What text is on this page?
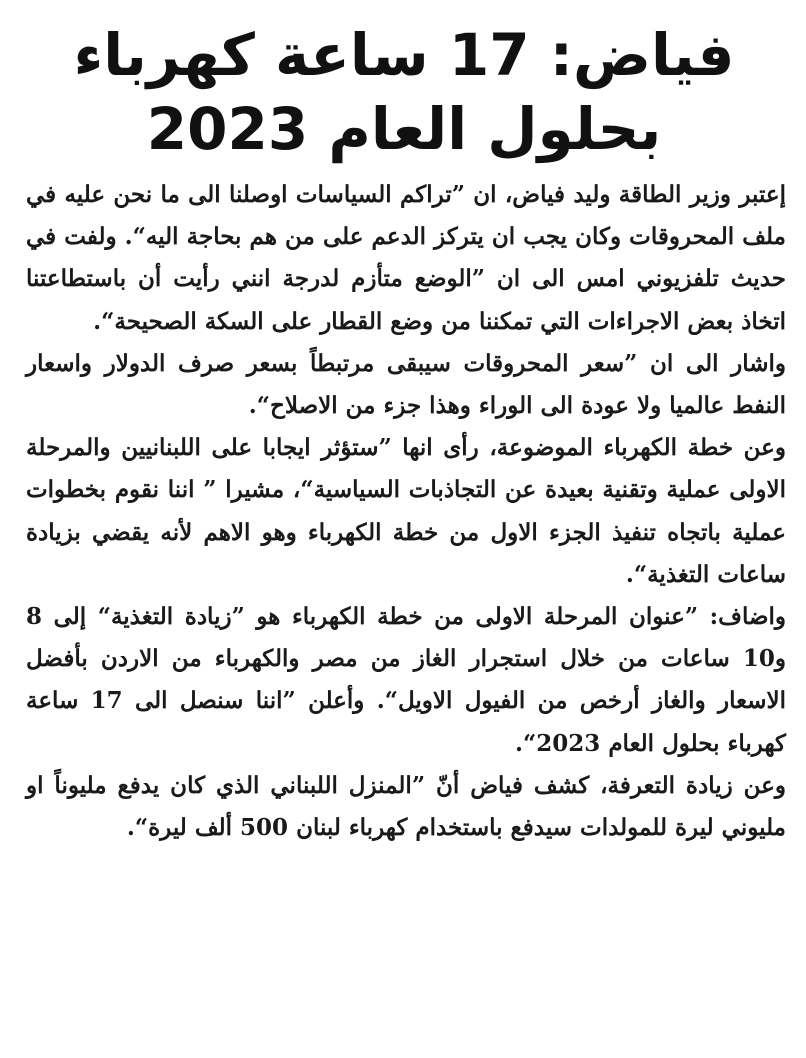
فياض: 17 ساعة كهرباء
بحلول العام 2023

إعتبر وزير الطاقة وليد فياض، ان ”تراكم السياسات اوصلنا الى ما نحن عليه في ملف المحروقات وكان يجب ان يتركز الدعم على من هم بحاجة اليه“. ولفت في حديث تلفزيوني امس الى ان ”الوضع متأزم لدرجة انني رأيت أن باستطاعتنا اتخاذ بعض الاجراءات التي تمكننا من وضع القطار على السكة الصحيحة“.

واشار الى ان ”سعر المحروقات سيبقى مرتبطاً بسعر صرف الدولار واسعار النفط عالميا ولا عودة الى الوراء وهذا جزء من الاصلاح“.

وعن خطة الكهرباء الموضوعة، رأى انها ”ستؤثر ايجابا على اللبنانيين والمرحلة الاولى عملية وتقنية بعيدة عن التجاذبات السياسية“، مشيرا ” اننا نقوم بخطوات عملية باتجاه تنفيذ الجزء الاول من خطة الكهرباء وهو الاهم لأنه يقضي بزيادة ساعات التغذية“.

واضاف: ”عنوان المرحلة الاولى من خطة الكهرباء هو ”زيادة التغذية“ إلى 8 و10 ساعات من خلال استجرار الغاز من مصر والكهرباء من الاردن بأفضل الاسعار والغاز أرخص من الفيول الاويل“. وأعلن ”اننا سنصل الى 17 ساعة كهرباء بحلول العام 2023“.

وعن زيادة التعرفة، كشف فياض أنّ ”المنزل اللبناني الذي كان يدفع مليوناً او مليوني ليرة للمولدات سيدفع باستخدام كهرباء لبنان 500 ألف ليرة“.
